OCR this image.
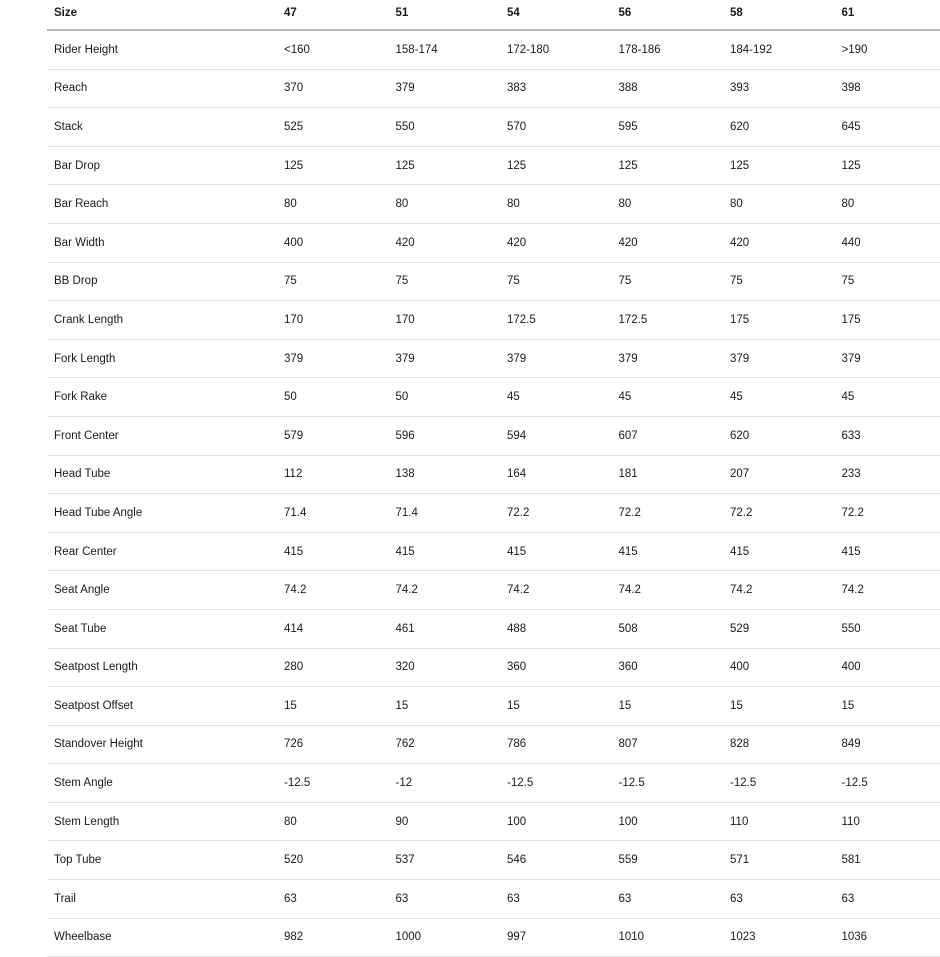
Size	47	51	54	56	58	61
Rider Height	<160	158-174	172-180	178-186	184-192	>190
Reach	370	379	383	388	393	398
Stack	525	550	570	595	620	645
Bar Drop	125	125	125	125	125	125
Bar Reach	80	80	80	80	80	80
Bar Width	400	420	420	420	420	440
BB Drop	75	75	75	75	75	75
Crank Length	170	170	172.5	172.5	175	175
Fork Length	379	379	379	379	379	379
Fork Rake	50	50	45	45	45	45
Front Center	579	596	594	607	620	633
Head Tube	112	138	164	181	207	233
Head Tube Angle	71.4	71.4	72.2	72.2	72.2	72.2
Rear Center	415	415	415	415	415	415
Seat Angle	74.2	74.2	74.2	74.2	74.2	74.2
Seat Tube	414	461	488	508	529	550
Seatpost Length	280	320	360	360	400	400
Seatpost Offset	15	15	15	15	15	15
Standover Height	726	762	786	807	828	849
Stem Angle	-12.5	-12	-12.5	-12.5	-12.5	-12.5
Stem Length	80	90	100	100	110	110
Top Tube	520	537	546	559	571	581
Trail	63	63	63	63	63	63
Wheelbase	982	1000	997	1010	1023	1036
